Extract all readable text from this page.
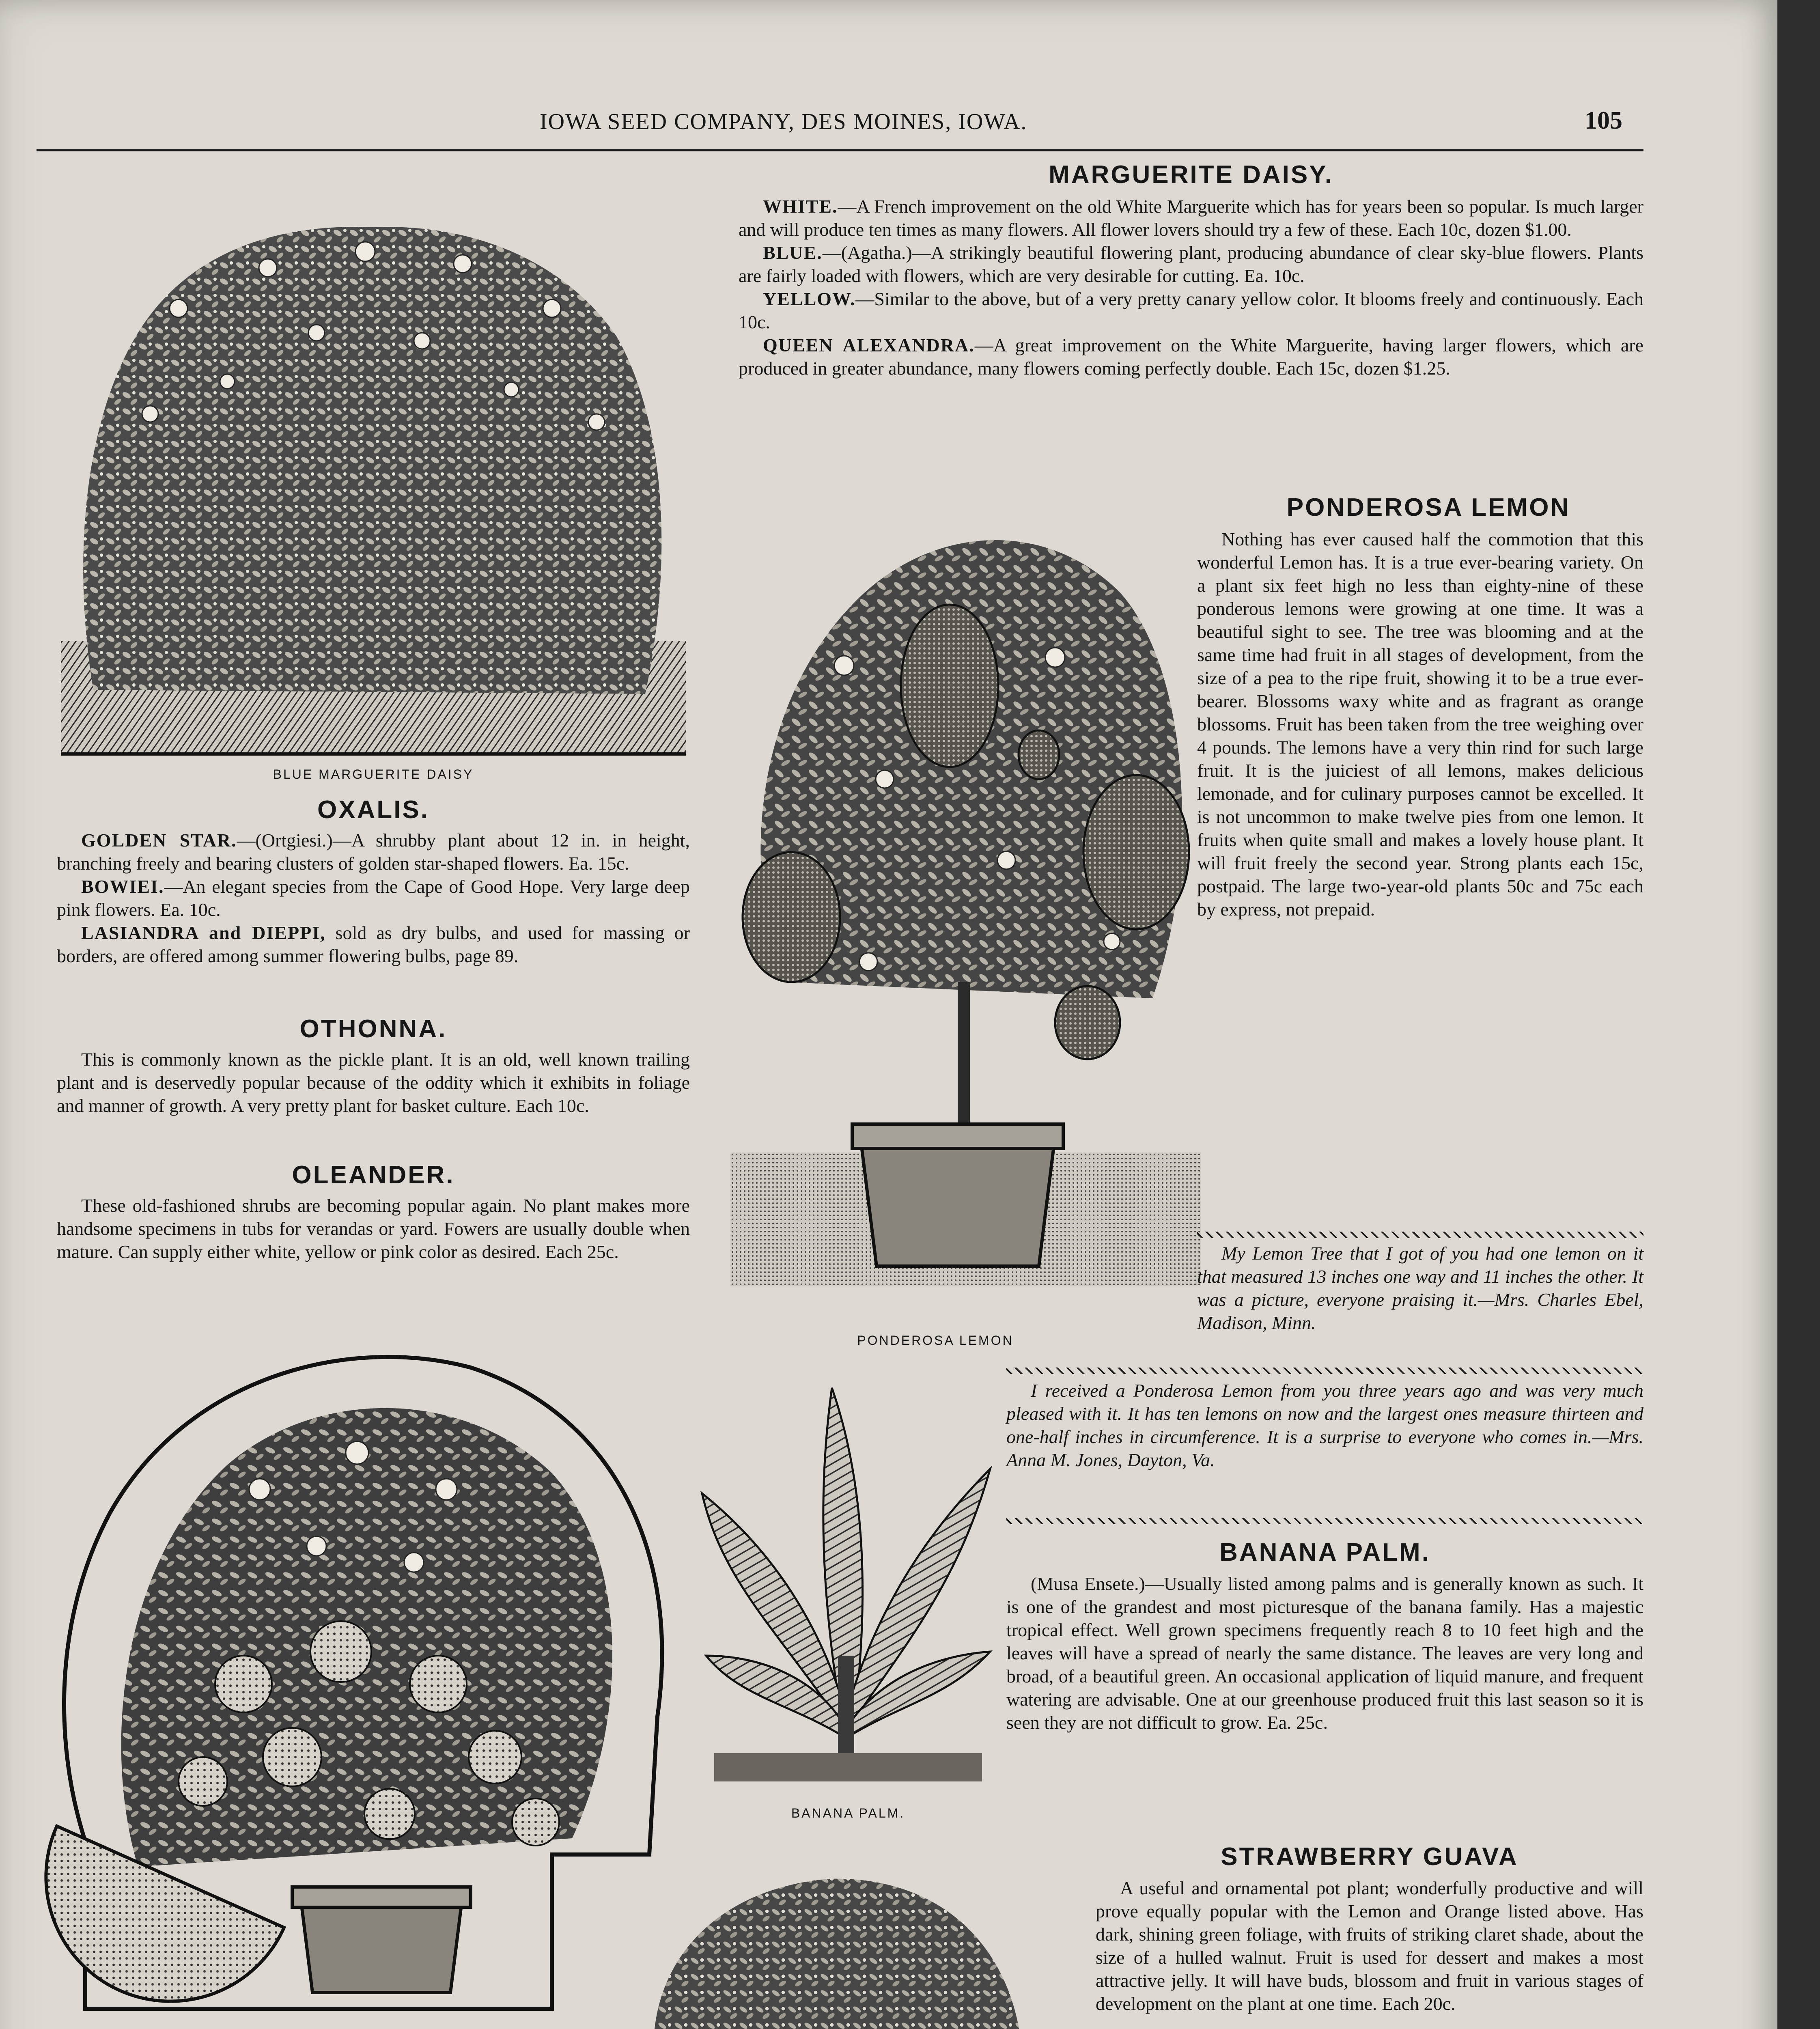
IOWA SEED COMPANY, DES MOINES, IOWA.	105
BLUE MARGUERITE DAISY
OXALIS.

GOLDEN STAR.—(Ortgiesi.)—A shrubby plant about 12 in. in height, branching freely and bearing clusters of golden star-shaped flowers. Ea. 15c.

BOWIEI.—An elegant species from the Cape of Good Hope. Very large deep pink flowers. Ea. 10c.

LASIANDRA and DIEPPI, sold as dry bulbs, and used for massing or borders, are offered among summer flowering bulbs, page 89.

OTHONNA.

This is commonly known as the pickle plant. It is an old, well known trailing plant and is deservedly popular because of the oddity which it exhibits in foliage and manner of growth. A very pretty plant for basket culture. Each 10c.

OLEANDER.

These old-fashioned shrubs are becoming popular again. No plant makes more handsome specimens in tubs for verandas or yard. Fowers are usually double when mature. Can supply either white, yellow or pink color as desired. Each 25c.

MARGUERITE DAISY.

WHITE.—A French improvement on the old White Marguerite which has for years been so popular. Is much larger and will produce ten times as many flowers. All flower lovers should try a few of these. Each 10c, dozen $1.00.

BLUE.—(Agatha.)—A strikingly beautiful flowering plant, producing abundance of clear sky-blue flowers. Plants are fairly loaded with flowers, which are very desirable for cutting. Ea. 10c.

YELLOW.—Similar to the above, but of a very pretty canary yellow color. It blooms freely and continuously. Each 10c.

QUEEN ALEXANDRA.—A great improvement on the White Marguerite, having larger flowers, which are produced in greater abundance, many flowers coming perfectly double. Each 15c, dozen $1.25.

PONDEROSA LEMON
PONDEROSA LEMON

Nothing has ever caused half the commotion that this wonderful Lemon has. It is a true ever-bearing variety. On a plant six feet high no less than eighty-nine of these ponderous lemons were growing at one time. It was a beautiful sight to see. The tree was blooming and at the same time had fruit in all stages of development, from the size of a pea to the ripe fruit, showing it to be a true ever-bearer. Blossoms waxy white and as fragrant as orange blossoms. Fruit has been taken from the tree weighing over 4 pounds. The lemons have a very thin rind for such large fruit. It is the juiciest of all lemons, makes delicious lemonade, and for culinary purposes cannot be excelled. It is not uncommon to make twelve pies from one lemon. It fruits when quite small and makes a lovely house plant. It will fruit freely the second year. Strong plants each 15c, postpaid. The large two-year-old plants 50c and 75c each by express, not prepaid.

My Lemon Tree that I got of you had one lemon on it that measured 13 inches one way and 11 inches the other. It was a picture, everyone praising it.—Mrs. Charles Ebel, Madison, Minn.

I received a Ponderosa Lemon from you three years ago and was very much pleased with it. It has ten lemons on now and the largest ones measure thirteen and one-half inches in circumference. It is a surprise to everyone who comes in.—Mrs. Anna M. Jones, Dayton, Va.

BANANA PALM.
BANANA PALM.

(Musa Ensete.)—Usually listed among palms and is generally known as such. It is one of the grandest and most picturesque of the banana family. Has a majestic tropical effect. Well grown specimens frequently reach 8 to 10 feet high and the leaves will have a spread of nearly the same distance. The leaves are very long and broad, of a beautiful green. An occasional application of liquid manure, and frequent watering are advisable. One at our greenhouse produced fruit this last season so it is seen they are not difficult to grow. Ea. 25c.

STRAWBERRY GUAVA

A useful and ornamental pot plant; wonderfully productive and will prove equally popular with the Lemon and Orange listed above. Has dark, shining green foliage, with fruits of striking claret shade, about the size of a hulled walnut. Fruit is used for dessert and makes a most attractive jelly. It will have buds, blossom and fruit in various stages of development on the plant at one time. Each 20c.
